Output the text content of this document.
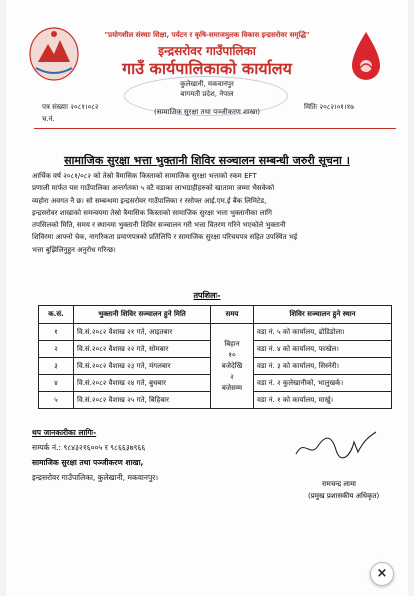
"प्रयोगशील संस्थाः शिक्षा, पर्यटन र कृषि-समाजमुलक विकास इन्द्रसरोवर समृद्धि"
इन्द्रसरोवर गाउँपालिका
गाउँ कार्यपालिकाको कार्यालय
कुलेखानी, मकवानपुर
बागमती प्रदेश, नेपाल
(सामाजिक सुरक्षा तथा पञ्जीकरण शाखा)
पत्र संख्याः २०८१।०८२
च.नं.
मितिः २०८२।०१।१७
सामाजिक सुरक्षा भत्ता भुक्तानी शिविर सञ्चालन सम्बन्धी जरुरी सूचना ।
आर्थिक वर्ष २०८१/०८२ को तेस्रो त्रैमासिक किस्ताको सामाजिक सुरक्षा भत्ताको रकम EFT
प्रणाली मार्फत यस गाउँपालिका अन्तर्गतका ५ वटै वडाका लाभग्राहीहरुको खातामा जम्मा भैसकेको
व्यहोरा अवगत नै छ। सो सम्बन्धमा इन्द्रसरोवर गाउँपालिका र रसोफ्त आई.एम.ई बैंक लिमिटेड,
इन्द्रसरोवर शाखाको समन्वयमा तेस्रो त्रैमासिक किस्ताको सामाजिक सुरक्षा भत्ता भुक्तानीका लागि
तपसिलको मिति, समय र स्थानमा भुक्तानी शिविर सञ्चालन गरी भत्ता वितरण गरिने भएकोले भुक्तानी
शिविरमा आफ्नो चेक, नागरिकता प्रमाणपत्रको प्रतिलिपि र सामाजिक सुरक्षा परिचयपत्र सहित उपस्थित भई
भत्ता बुझिलिनुहुन अनुरोध गरिन्छ।
तपशिलः-
क.सं.	भुक्तानी शिविर सञ्चालन हुने मिति	समय	शिविर सञ्चालन हुने स्थान
१	वि.सं.२०८२ वैशाख २१ गते, आइतबार	बिहान
१०
बजेदेखि
२
बजेसम्म	वडा नं. ५ को कार्यालय, ढोडिडोला।
२	वि.सं.२०८२ वैशाख २२ गते, सोमबार		वडा नं. ४ को कार्यालय, फाखेल।
३	वि.सं.२०८२ वैशाख २३ गते, मंगलबार		वडा नं. ३ को कार्यालय, सिस्नेरी।
४	वि.सं.२०८२ वैशाख २४ गते, बुधबार		वडा नं. २ कुलेखानीको, भालुखर्क।
५	वि.सं.२०८२ वैशाख २५ गते, बिहिबार		वडा नं. १ को कार्यालय, मार्खु।
थप जानकारीका लागिः-
सम्पर्क नं.: ९८४३२१६००५ र ९८६६३७९६६
सामाजिक सुरक्षा तथा पञ्जीकरण शाखा,
इन्द्रसरोवर गाउँपालिका, कुलेखानी, मकवानपुर।
रामचन्द्र लामा
(प्रमुख प्रशासकीय अधिकृत)
×
